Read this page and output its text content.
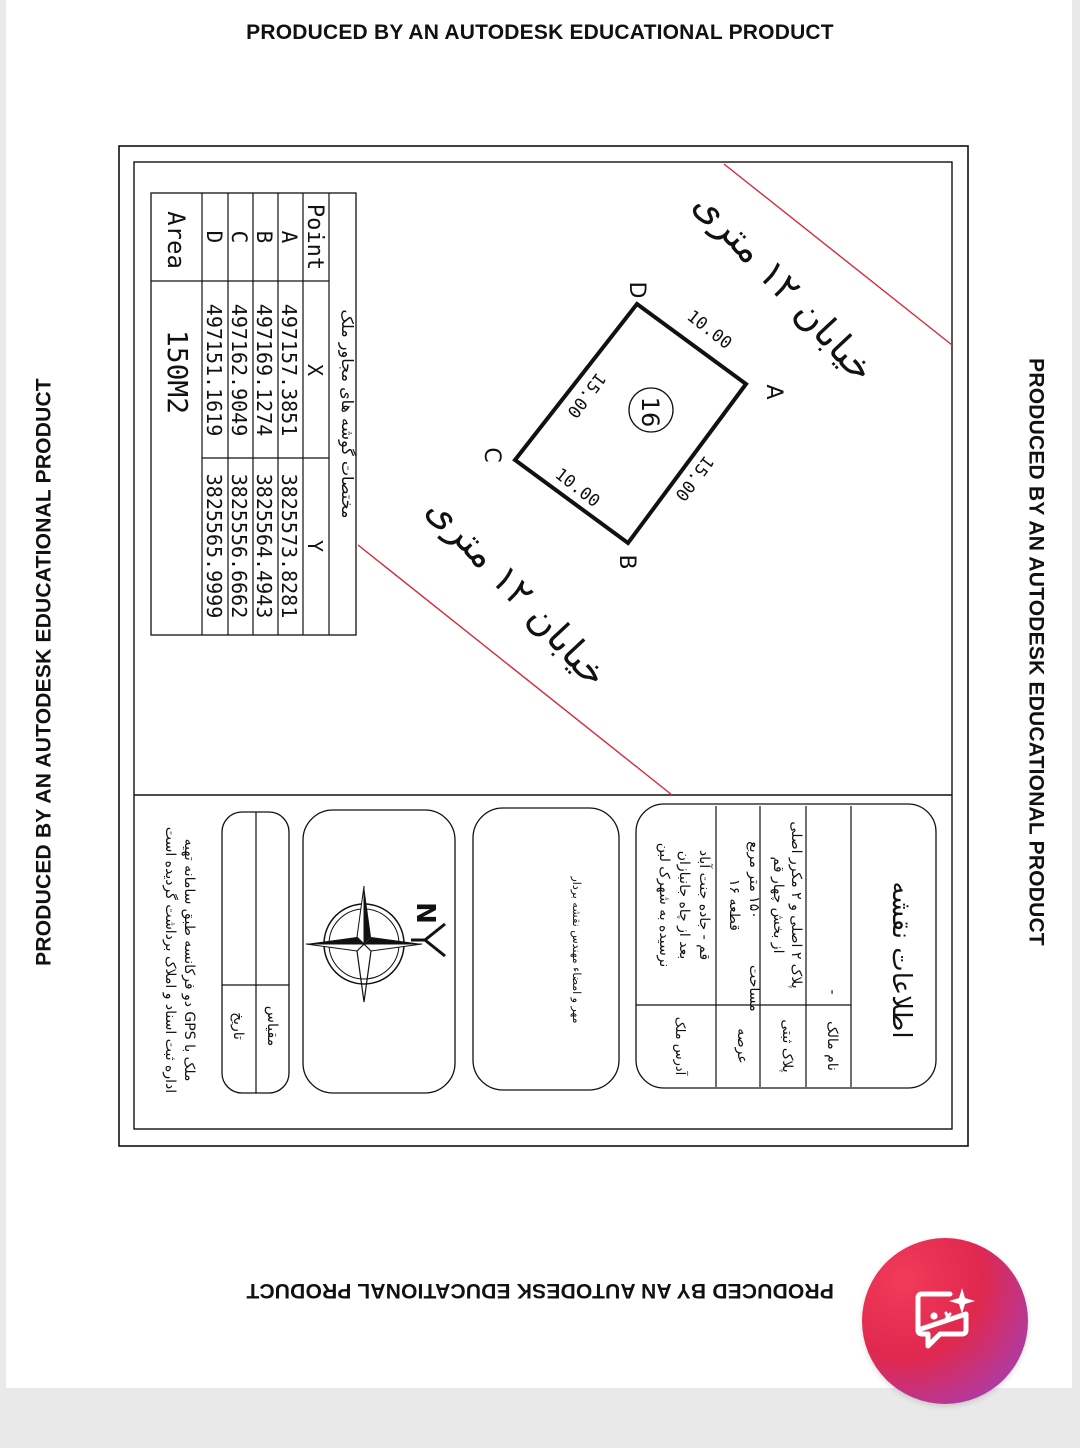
PRODUCED BY AN AUTODESK EDUCATIONAL PRODUCT
PRODUCED BY AN AUTODESK EDUCATIONAL PRODUCT
PRODUCED BY AN AUTODESK EDUCATIONAL PRODUCT	PRODUCED BY AN AUTODESK EDUCATIONAL PRODUCT
خیابان ۱۲ متری
خیابان ۱۲ متری
16
A
B
C
D
10.00
15.00
10.00
15.00
مختصات گوشه های مجاور ملک
Point
X
Y
A
497157.3851
3825573.8281
B
497169.1274
3825564.4943
C
497162.9049
3825556.6662
D
497151.1619
3825565.9999
Area
150M2
اطلاعات نقشه
نام مالک
-
پلاک ثبتی
پلاک ۲ اصلی و ۲ مکرر اصلی
از بخش چهار قم
عرصه
مساحت
۱۵۰ متر مربع
قطعه ۱۶
آدرس ملک
قم - جاده جنت آباد
بعد از چاه جانبازان
نرسیده به شهرک لبن
مهر و امضاء مهندس نقشه بردار
N
مقیاس
تاریخ
ملک با GPS دو فرکانسه طبق سامانه تهیه
اداره ثبت اسناد و املاک برداشت گردیده است
